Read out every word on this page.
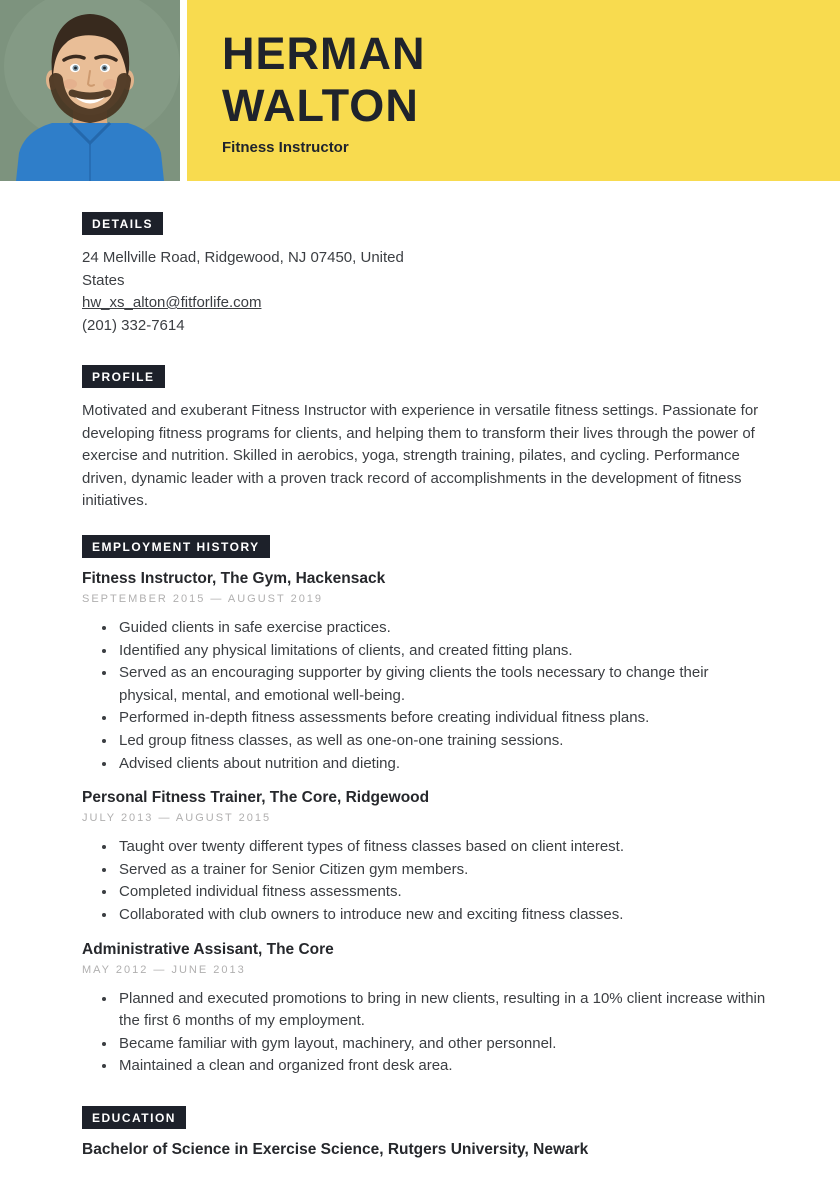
HERMAN
WALTON
Fitness Instructor
DETAILS
24 Mellville Road, Ridgewood, NJ 07450, United States
hw_xs_alton@fitforlife.com
(201) 332-7614
PROFILE

Motivated and exuberant Fitness Instructor with experience in versatile fitness settings. Passionate for developing fitness programs for clients, and helping them to transform their lives through the power of exercise and nutrition. Skilled in aerobics, yoga, strength training, pilates, and cycling. Performance driven, dynamic leader with a proven track record of accomplishments in the development of fitness initiatives.

EMPLOYMENT HISTORY
Fitness Instructor, The Gym, Hackensack
SEPTEMBER 2015 — AUGUST 2019
• Guided clients in safe exercise practices.
• Identified any physical limitations of clients, and created fitting plans.
• Served as an encouraging supporter by giving clients the tools necessary to change their physical, mental, and emotional well-being.
• Performed in-depth fitness assessments before creating individual fitness plans.
• Led group fitness classes, as well as one-on-one training sessions.
• Advised clients about nutrition and dieting.
Personal Fitness Trainer, The Core, Ridgewood
JULY 2013 — AUGUST 2015
• Taught over twenty different types of fitness classes based on client interest.
• Served as a trainer for Senior Citizen gym members.
• Completed individual fitness assessments.
• Collaborated with club owners to introduce new and exciting fitness classes.
Administrative Assisant, The Core
MAY 2012 — JUNE 2013
• Planned and executed promotions to bring in new clients, resulting in a 10% client increase within the first 6 months of my employment.
• Became familiar with gym layout, machinery, and other personnel.
• Maintained a clean and organized front desk area.
EDUCATION
Bachelor of Science in Exercise Science, Rutgers University, Newark
